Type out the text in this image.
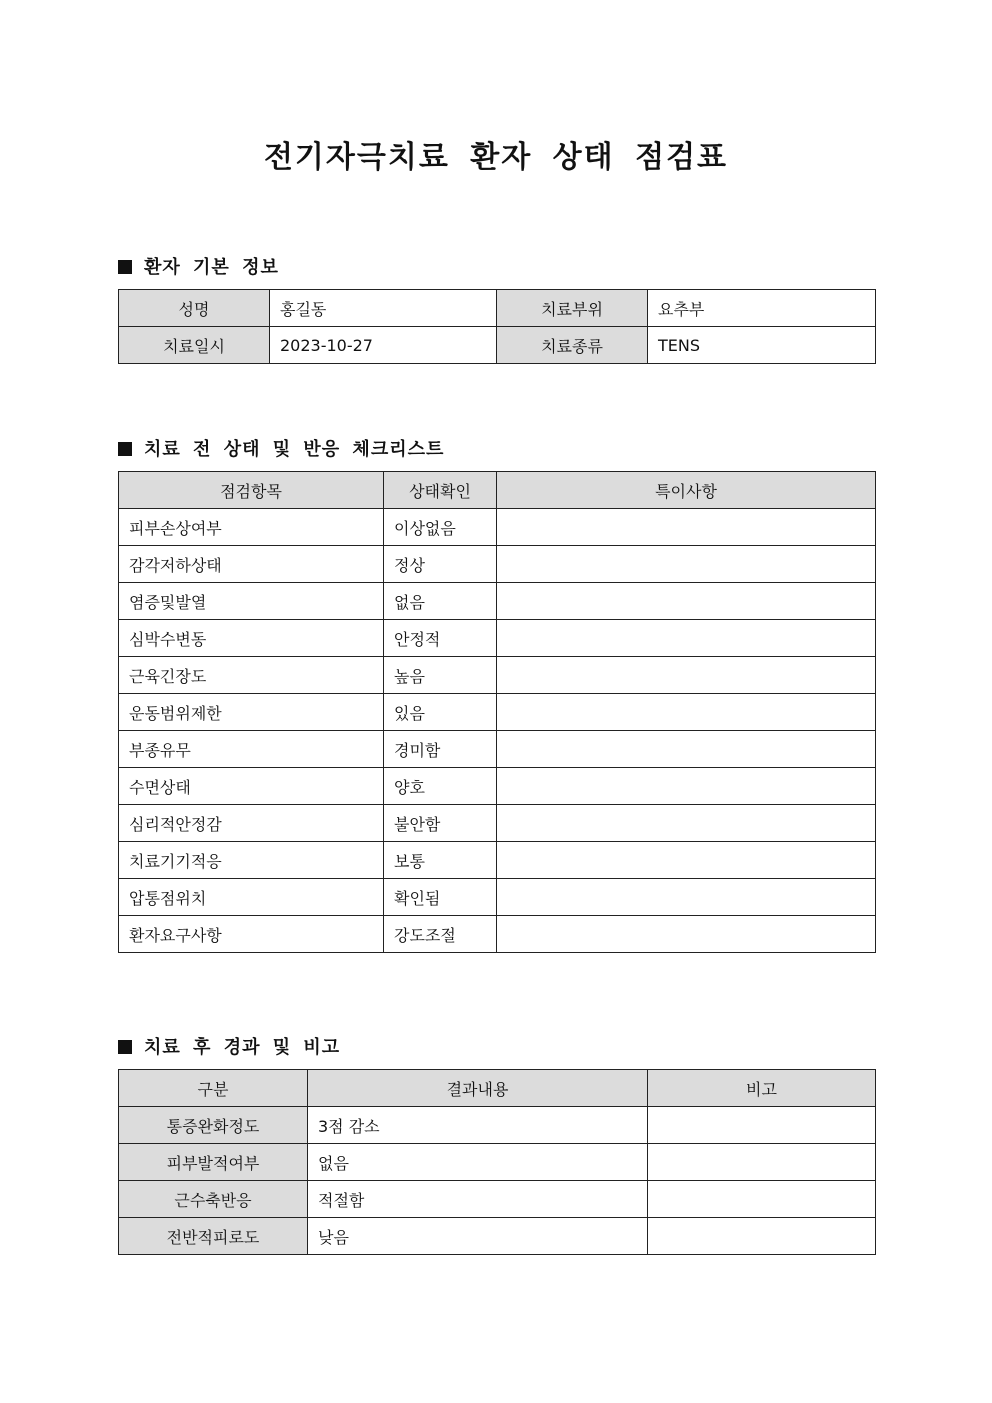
전기자극치료 환자 상태 점검표
환자 기본 정보
성명	홍길동	치료부위	요추부
치료일시	2023-10-27	치료종류	TENS
치료 전 상태 및 반응 체크리스트
점검항목	상태확인	특이사항
피부손상여부	이상없음	
감각저하상태	정상	
염증및발열	없음	
심박수변동	안정적	
근육긴장도	높음	
운동범위제한	있음	
부종유무	경미함	
수면상태	양호	
심리적안정감	불안함	
치료기기적응	보통	
압통점위치	확인됨	
환자요구사항	강도조절	
치료 후 경과 및 비고
구분	결과내용	비고
통증완화정도	3점 감소	
피부발적여부	없음	
근수축반응	적절함	
전반적피로도	낮음	
